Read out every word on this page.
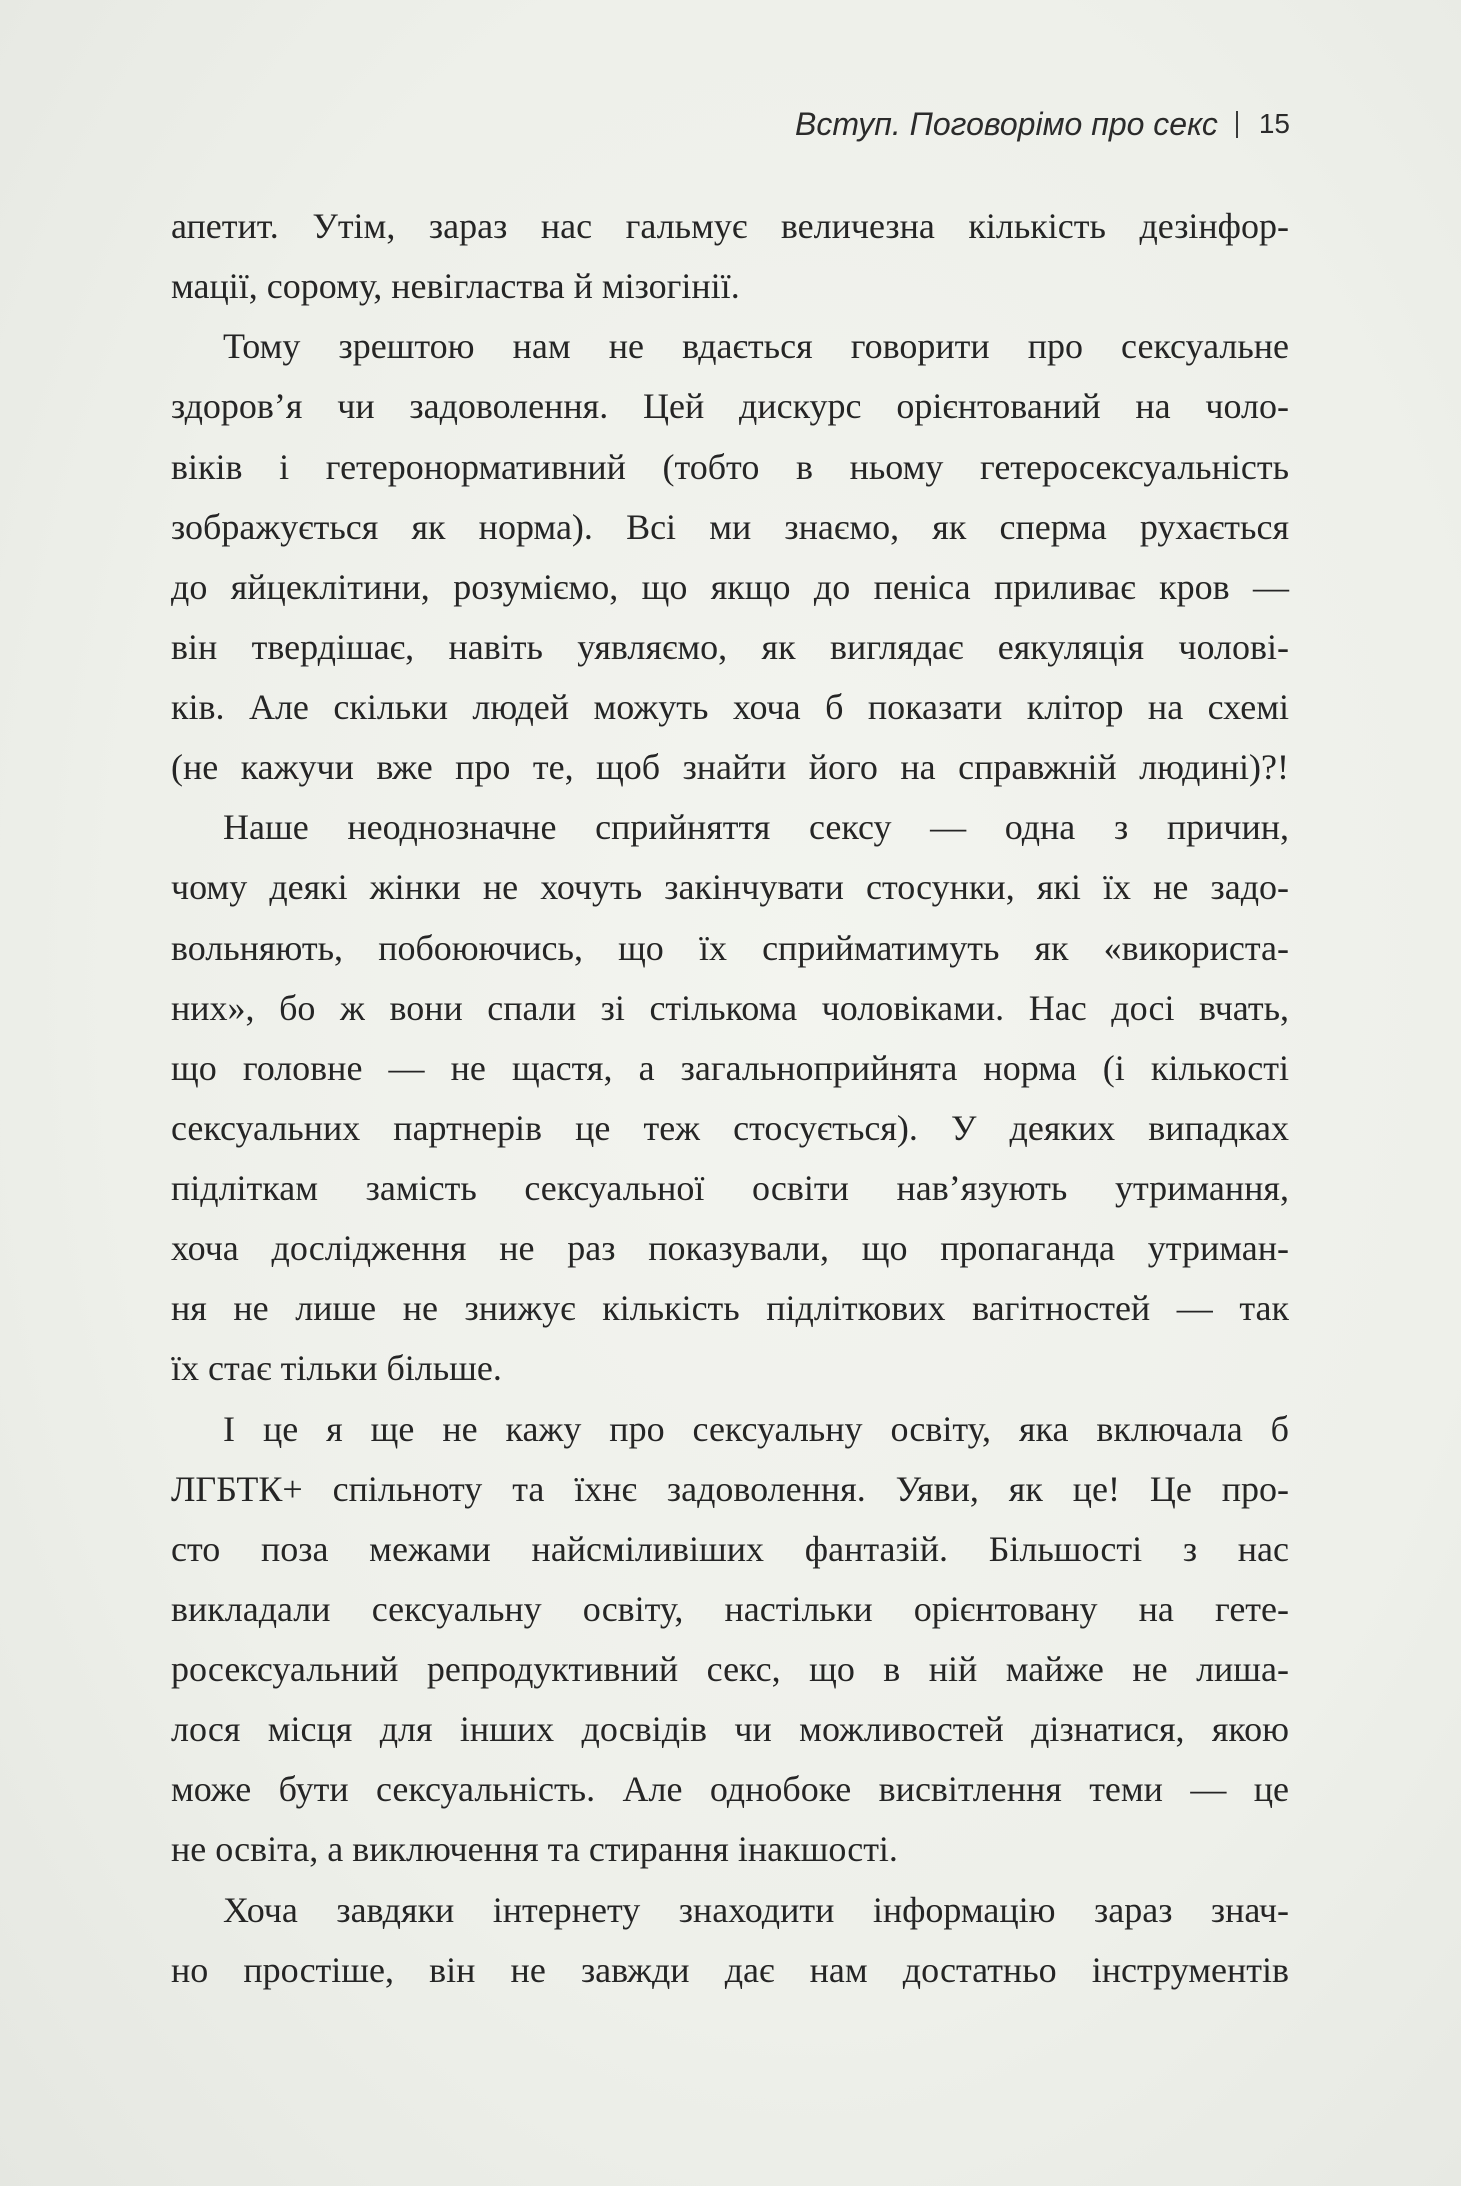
Вступ. Поговорімо про секс 15
апетит. Утім, зараз нас гальмує величезна кількість дезінфор-
мації, сорому, невігластва й мізогінії.
Тому зрештою нам не вдається говорити про сексуальне
здоров’я чи задоволення. Цей дискурс орієнтований на чоло-
віків і гетеронормативний (тобто в ньому гетеросексуальність
зображується як норма). Всі ми знаємо, як сперма рухається
до яйцеклітини, розуміємо, що якщо до пеніса приливає кров —
він твердішає, навіть уявляємо, як виглядає еякуляція чолові-
ків. Але скільки людей можуть хоча б показати клітор на схемі
(не кажучи вже про те, щоб знайти його на справжній людині)?!
Наше неоднозначне сприйняття сексу — одна з причин,
чому деякі жінки не хочуть закінчувати стосунки, які їх не задо-
вольняють, побоюючись, що їх сприйматимуть як «використа-
них», бо ж вони спали зі стількома чоловіками. Нас досі вчать,
що головне — не щастя, а загальноприйнята норма (і кількості
сексуальних партнерів це теж стосується). У деяких випадках
підліткам замість сексуальної освіти нав’язують утримання,
хоча дослідження не раз показували, що пропаганда утриман-
ня не лише не знижує кількість підліткових вагітностей — так
їх стає тільки більше.
І це я ще не кажу про сексуальну освіту, яка включала б
ЛГБТК+ спільноту та їхнє задоволення. Уяви, як це! Це про-
сто поза межами найсміливіших фантазій. Більшості з нас
викладали сексуальну освіту, настільки орієнтовану на гете-
росексуальний репродуктивний секс, що в ній майже не лиша-
лося місця для інших досвідів чи можливостей дізнатися, якою
може бути сексуальність. Але однобоке висвітлення теми — це
не освіта, а виключення та стирання інакшості.
Хоча завдяки інтернету знаходити інформацію зараз знач-
но простіше, він не завжди дає нам достатньо інструментів
